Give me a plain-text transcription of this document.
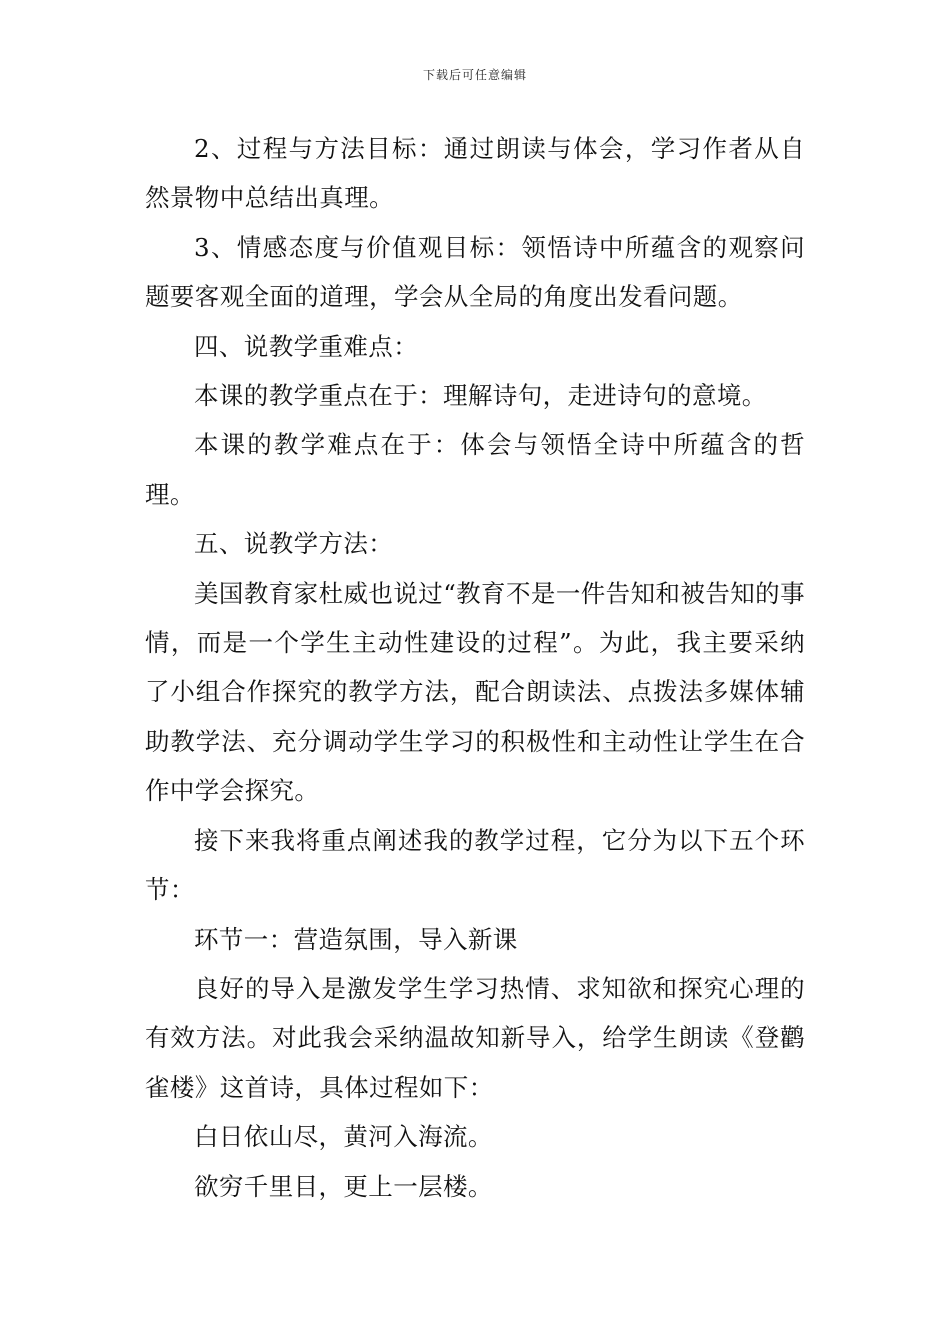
下载后可任意编辑

2、过程与方法目标：通过朗读与体会，学习作者从自然景物中总结出真理。

3、情感态度与价值观目标：领悟诗中所蕴含的观察问题要客观全面的道理，学会从全局的角度出发看问题。

四、说教学重难点：

本课的教学重点在于：理解诗句，走进诗句的意境。

本课的教学难点在于：体会与领悟全诗中所蕴含的哲理。

五、说教学方法：

美国教育家杜威也说过“教育不是一件告知和被告知的事情，而是一个学生主动性建设的过程”。为此，我主要采纳了小组合作探究的教学方法，配合朗读法、点拨法多媒体辅助教学法、充分调动学生学习的积极性和主动性让学生在合作中学会探究。

接下来我将重点阐述我的教学过程，它分为以下五个环节：

环节一：营造氛围，导入新课

良好的导入是激发学生学习热情、求知欲和探究心理的有效方法。对此我会采纳温故知新导入，给学生朗读《登鹳雀楼》这首诗，具体过程如下：

白日依山尽，黄河入海流。

欲穷千里目，更上一层楼。
